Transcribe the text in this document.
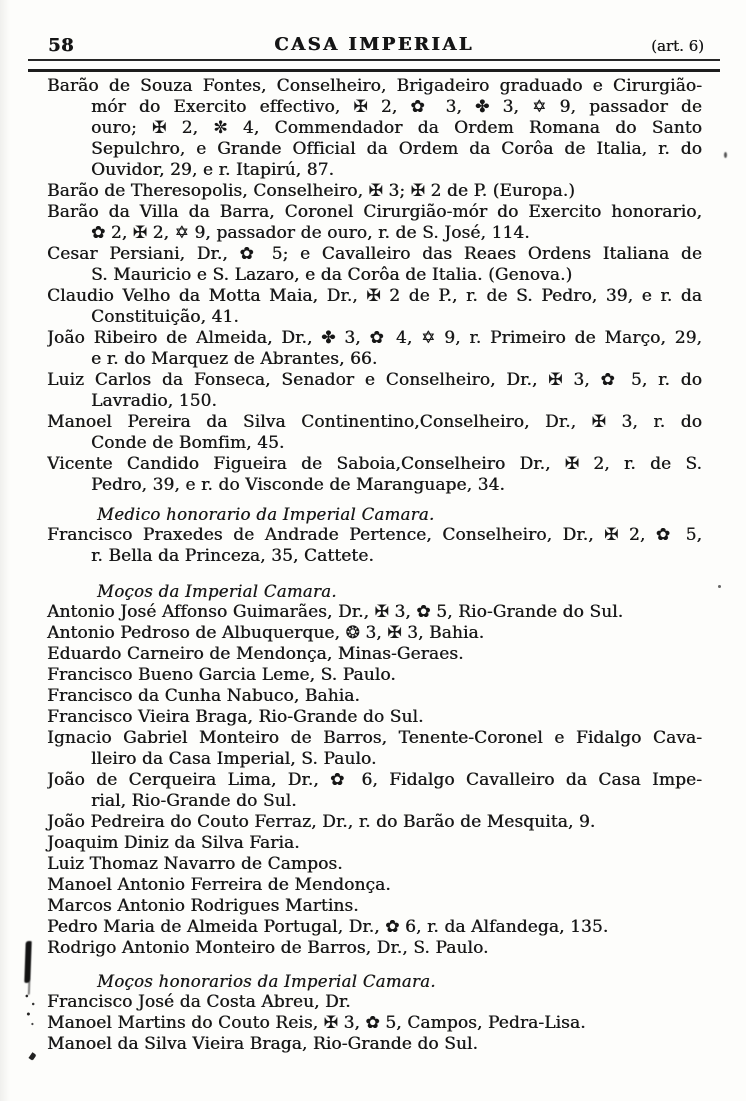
58	CASA IMPERIAL	(art. 6)
Barão de Souza Fontes, Conselheiro, Brigadeiro graduado e Cirurgião-
mór do Exercito effectivo, ✠ 2, ✿ 3, ✤ 3, ✡ 9, passador de
ouro; ✠ 2, ✼ 4, Commendador da Ordem Romana do Santo
Sepulchro, e Grande Official da Ordem da Corôa de Italia, r. do
Ouvidor, 29, e r. Itapirú, 87.
Barão de Theresopolis, Conselheiro, ✠ 3; ✠ 2 de P. (Europa.)
Barão da Villa da Barra, Coronel Cirurgião-mór do Exercito honorario,
✿ 2, ✠ 2, ✡ 9, passador de ouro, r. de S. José, 114.
Cesar Persiani, Dr., ✿ 5; e Cavalleiro das Reaes Ordens Italiana de
S. Mauricio e S. Lazaro, e da Corôa de Italia. (Genova.)
Claudio Velho da Motta Maia, Dr., ✠ 2 de P., r. de S. Pedro, 39, e r. da
Constituição, 41.
João Ribeiro de Almeida, Dr., ✤ 3, ✿ 4, ✡ 9, r. Primeiro de Março, 29,
e r. do Marquez de Abrantes, 66.
Luiz Carlos da Fonseca, Senador e Conselheiro, Dr., ✠ 3, ✿ 5, r. do
Lavradio, 150.
Manoel Pereira da Silva Continentino,Conselheiro, Dr., ✠ 3, r. do
Conde de Bomfim, 45.
Vicente Candido Figueira de Saboia,Conselheiro Dr., ✠ 2, r. de S.
Pedro, 39, e r. do Visconde de Maranguape, 34.
Medico honorario da Imperial Camara.
Francisco Praxedes de Andrade Pertence, Conselheiro, Dr., ✠ 2, ✿ 5,
r. Bella da Princeza, 35, Cattete.
Moços da Imperial Camara.
Antonio José Affonso Guimarães, Dr., ✠ 3, ✿ 5, Rio-Grande do Sul.
Antonio Pedroso de Albuquerque, ❂ 3, ✠ 3, Bahia.
Eduardo Carneiro de Mendonça, Minas-Geraes.
Francisco Bueno Garcia Leme, S. Paulo.
Francisco da Cunha Nabuco, Bahia.
Francisco Vieira Braga, Rio-Grande do Sul.
Ignacio Gabriel Monteiro de Barros, Tenente-Coronel e Fidalgo Cava-
lleiro da Casa Imperial, S. Paulo.
João de Cerqueira Lima, Dr., ✿ 6, Fidalgo Cavalleiro da Casa Impe-
rial, Rio-Grande do Sul.
João Pedreira do Couto Ferraz, Dr., r. do Barão de Mesquita, 9.
Joaquim Diniz da Silva Faria.
Luiz Thomaz Navarro de Campos.
Manoel Antonio Ferreira de Mendonça.
Marcos Antonio Rodrigues Martins.
Pedro Maria de Almeida Portugal, Dr., ✿ 6, r. da Alfandega, 135.
Rodrigo Antonio Monteiro de Barros, Dr., S. Paulo.
Moços honorarios da Imperial Camara.
Francisco José da Costa Abreu, Dr.
Manoel Martins do Couto Reis, ✠ 3, ✿ 5, Campos, Pedra-Lisa.
Manoel da Silva Vieira Braga, Rio-Grande do Sul.
